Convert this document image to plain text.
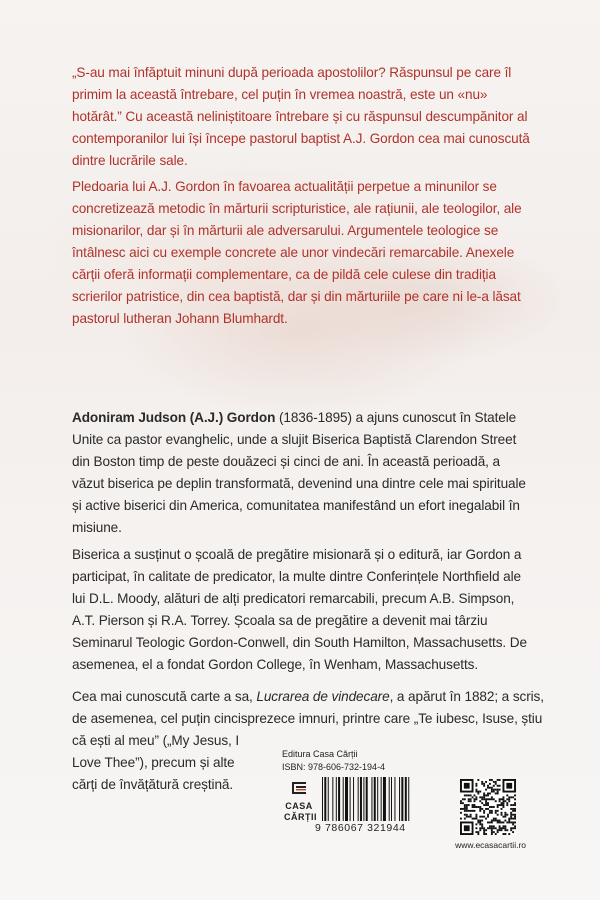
„S-au mai înfăptuit minuni după perioada apostolilor? Răspunsul pe care îl primim la această întrebare, cel puțin în vremea noastră, este un «nu» hotărât.” Cu această neliniștitoare întrebare și cu răspunsul descumpănitor al contemporanilor lui își începe pastorul baptist A.J. Gordon cea mai cunoscută dintre lucrările sale.

Pledoaria lui A.J. Gordon în favoarea actualității perpetue a minunilor se concretizează metodic în mărturii scripturistice, ale rațiunii, ale teologilor, ale misionarilor, dar și în mărturii ale adversarului. Argumentele teologice se întâlnesc aici cu exemple concrete ale unor vindecări remarcabile. Anexele cărții oferă informații complementare, ca de pildă cele culese din tradiția scrierilor patristice, din cea baptistă, dar și din mărturiile pe care ni le-a lăsat pastorul lutheran Johann Blumhardt.

Adoniram Judson (A.J.) Gordon (1836-1895) a ajuns cunoscut în Statele Unite ca pastor evanghelic, unde a slujit Biserica Baptistă Clarendon Street din Boston timp de peste douăzeci și cinci de ani. În această perioadă, a văzut biserica pe deplin transformată, devenind una dintre cele mai spirituale și active biserici din America, comunitatea manifestând un efort inegalabil în misiune.

Biserica a susținut o școală de pregătire misionară și o editură, iar Gordon a participat, în calitate de predicator, la multe dintre Conferințele Northfield ale lui D.L. Moody, alături de alți predicatori remarcabili, precum A.B. Simpson, A.T. Pierson și R.A. Torrey. Școala sa de pregătire a devenit mai târziu Seminarul Teologic Gordon-Conwell, din South Hamilton, Massachusetts. De asemenea, el a fondat Gordon College, în Wenham, Massachusetts.

Cea mai cunoscută carte a sa, Lucrarea de vindecare, a apărut în 1882; a scris,
de asemenea, cel puțin cincisprezece imnuri, printre care „Te iubesc, Isuse, știu
că ești al meu” („My Jesus, I Love Thee”), precum și alte cărți de învățătură creștină.

Editura Casa Cărții
ISBN: 978-606-732-194-4
CASA
CĂRȚII
9 786067 321944
www.ecasacartii.ro
